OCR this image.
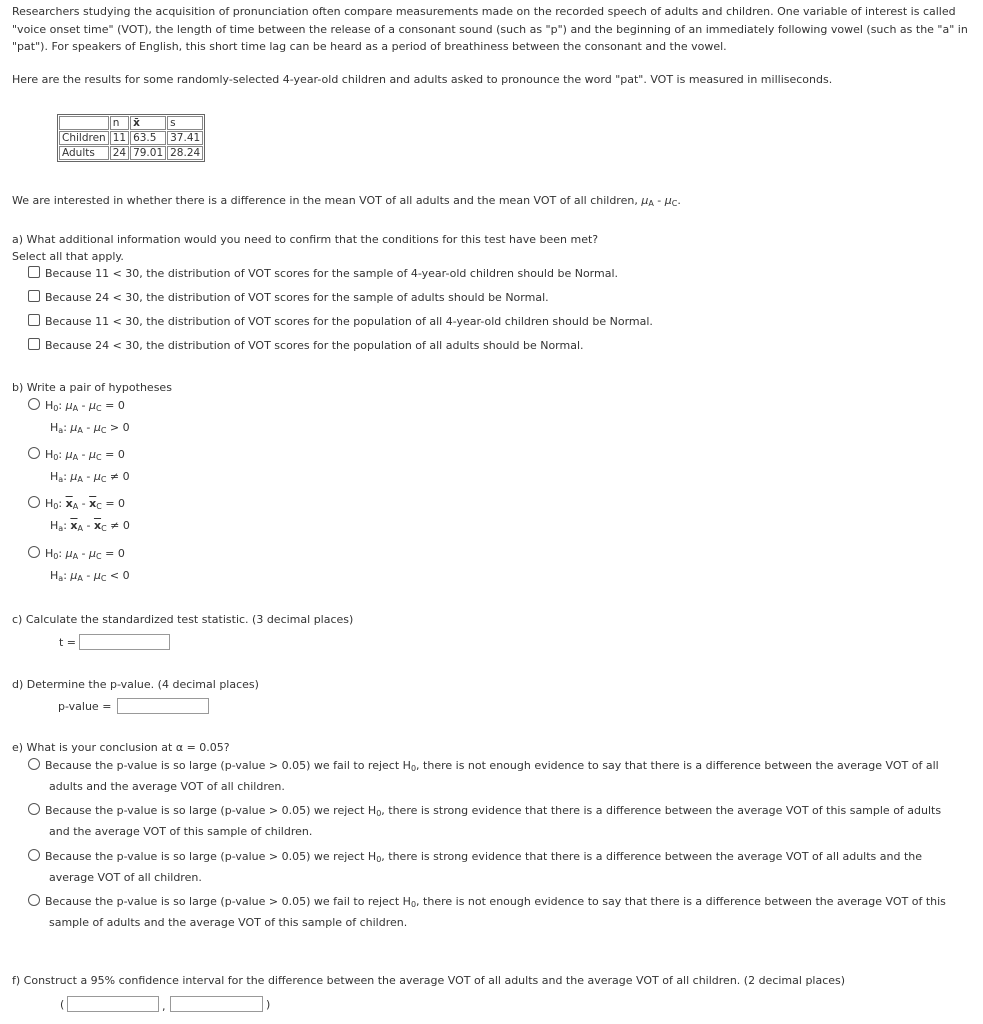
Researchers studying the acquisition of pronunciation often compare measurements made on the recorded speech of adults and children. One variable of interest is called "voice onset time" (VOT), the length of time between the release of a consonant sound (such as "p") and the beginning of an immediately following vowel (such as the "a" in "pat"). For speakers of English, this short time lag can be heard as a period of breathiness between the consonant and the vowel.
Here are the results for some randomly-selected 4-year-old children and adults asked to pronounce the word "pat". VOT is measured in milliseconds.
	n	x̄	s
Children	11	63.5	37.41
Adults	24	79.01	28.24
We are interested in whether there is a difference in the mean VOT of all adults and the mean VOT of all children, $\mu_A - \mu_C$.
a) What additional information would you need to confirm that the conditions for this test have been met?
Select all that apply.
Because 11 < 30, the distribution of VOT scores for the sample of 4-year-old children should be Normal.
Because 24 < 30, the distribution of VOT scores for the sample of adults should be Normal.
Because 11 < 30, the distribution of VOT scores for the population of all 4-year-old children should be Normal.
Because 24 < 30, the distribution of VOT scores for the population of all adults should be Normal.
b) Write a pair of hypotheses
$H_0$: $\mu_A - \mu_C = 0$
$H_a$: $\mu_A - \mu_C > 0$
$H_0$: $\mu_A - \mu_C = 0$
$H_a$: $\mu_A - \mu_C \ne 0$
$H_0$: $\overline{x}_A - \overline{x}_C = 0$
$H_a$: $\overline{x}_A - \overline{x}_C \ne 0$
$H_0$: $\mu_A - \mu_C = 0$
$H_a$: $\mu_A - \mu_C < 0$
c) Calculate the standardized test statistic. (3 decimal places)
t =
d) Determine the p-value. (4 decimal places)
p-value =
e) What is your conclusion at α = 0.05?
Because the p-value is so large (p-value > 0.05) we fail to reject $H_0$, there is not enough evidence to say that there is a difference between the average VOT of all
adults and the average VOT of all children.
Because the p-value is so large (p-value > 0.05) we reject $H_0$, there is strong evidence that there is a difference between the average VOT of this sample of adults
and the average VOT of this sample of children.
Because the p-value is so large (p-value > 0.05) we reject $H_0$, there is strong evidence that there is a difference between the average VOT of all adults and the
average VOT of all children.
Because the p-value is so large (p-value > 0.05) we fail to reject $H_0$, there is not enough evidence to say that there is a difference between the average VOT of this
sample of adults and the average VOT of this sample of children.
f) Construct a 95% confidence interval for the difference between the average VOT of all adults and the average VOT of all children. (2 decimal places)
(	,	)
